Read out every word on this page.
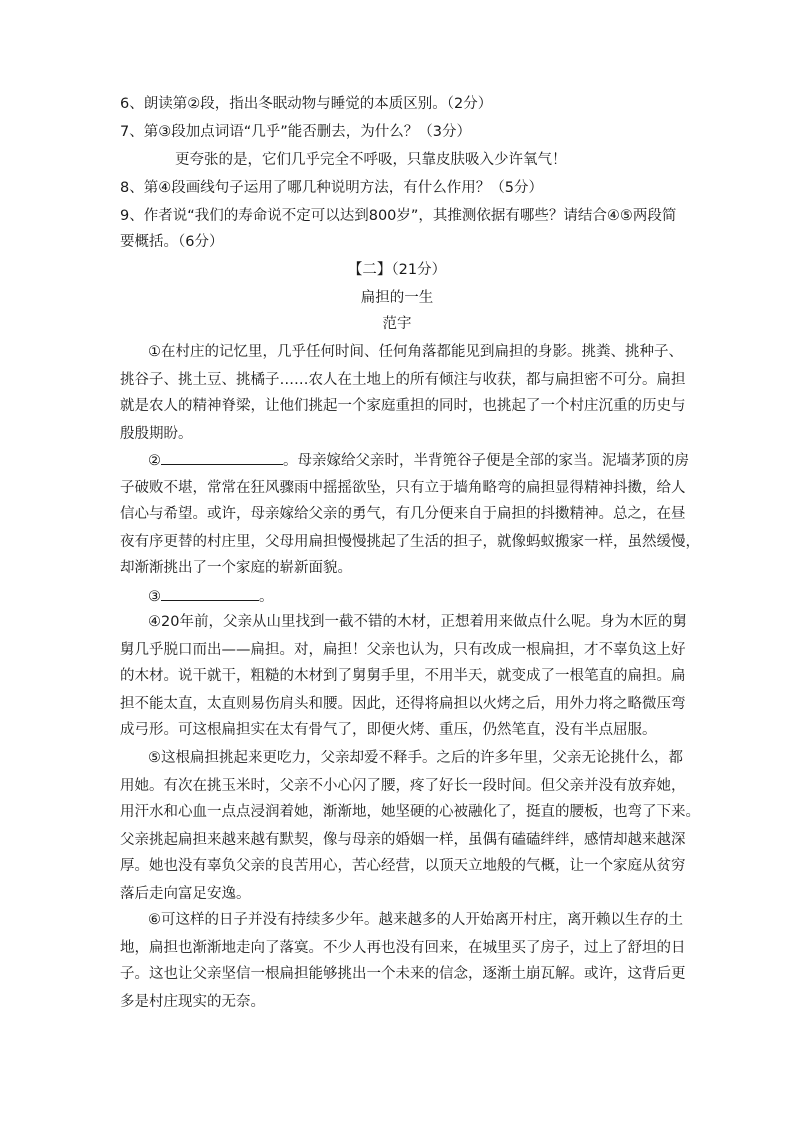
6、朗读第②段，指出冬眠动物与睡觉的本质区别。（2分）
7、第③段加点词语“几乎”能否删去，为什么？（3分）
更夸张的是，它们几乎完全不呼吸，只靠皮肤吸入少许氧气！
8、第④段画线句子运用了哪几种说明方法，有什么作用？（5分）
9、作者说“我们的寿命说不定可以达到800岁”，其推测依据有哪些？请结合④⑤两段简
要概括。（6分）
【二】（21分）
扁担的一生
范宇
①在村庄的记忆里，几乎任何时间、任何角落都能见到扁担的身影。挑粪、挑种子、
挑谷子、挑土豆、挑橘子……农人在土地上的所有倾注与收获，都与扁担密不可分。扁担
就是农人的精神脊梁，让他们挑起一个家庭重担的同时，也挑起了一个村庄沉重的历史与
殷殷期盼。
②	。母亲嫁给父亲时，半背篼谷子便是全部的家当。泥墙茅顶的房
子破败不堪，常常在狂风骤雨中摇摇欲坠，只有立于墙角略弯的扁担显得精神抖擞，给人
信心与希望。或许，母亲嫁给父亲的勇气，有几分便来自于扁担的抖擞精神。总之，在昼
夜有序更替的村庄里，父母用扁担慢慢挑起了生活的担子，就像蚂蚁搬家一样，虽然缓慢，
却渐渐挑出了一个家庭的崭新面貌。
③	。
④20年前，父亲从山里找到一截不错的木材，正想着用来做点什么呢。身为木匠的舅
舅几乎脱口而出——扁担。对，扁担！父亲也认为，只有改成一根扁担，才不辜负这上好
的木材。说干就干，粗糙的木材到了舅舅手里，不用半天，就变成了一根笔直的扁担。扁
担不能太直，太直则易伤肩头和腰。因此，还得将扁担以火烤之后，用外力将之略微压弯
成弓形。可这根扁担实在太有骨气了，即便火烤、重压，仍然笔直，没有半点屈服。
⑤这根扁担挑起来更吃力，父亲却爱不释手。之后的许多年里，父亲无论挑什么，都
用她。有次在挑玉米时，父亲不小心闪了腰，疼了好长一段时间。但父亲并没有放弃她，
用汗水和心血一点点浸润着她，渐渐地，她坚硬的心被融化了，挺直的腰板，也弯了下来。
父亲挑起扁担来越来越有默契，像与母亲的婚姻一样，虽偶有磕磕绊绊，感情却越来越深
厚。她也没有辜负父亲的良苦用心，苦心经营，以顶天立地般的气概，让一个家庭从贫穷
落后走向富足安逸。
⑥可这样的日子并没有持续多少年。越来越多的人开始离开村庄，离开赖以生存的土
地，扁担也渐渐地走向了落寞。不少人再也没有回来，在城里买了房子，过上了舒坦的日
子。这也让父亲坚信一根扁担能够挑出一个未来的信念，逐渐土崩瓦解。或许，这背后更
多是村庄现实的无奈。
